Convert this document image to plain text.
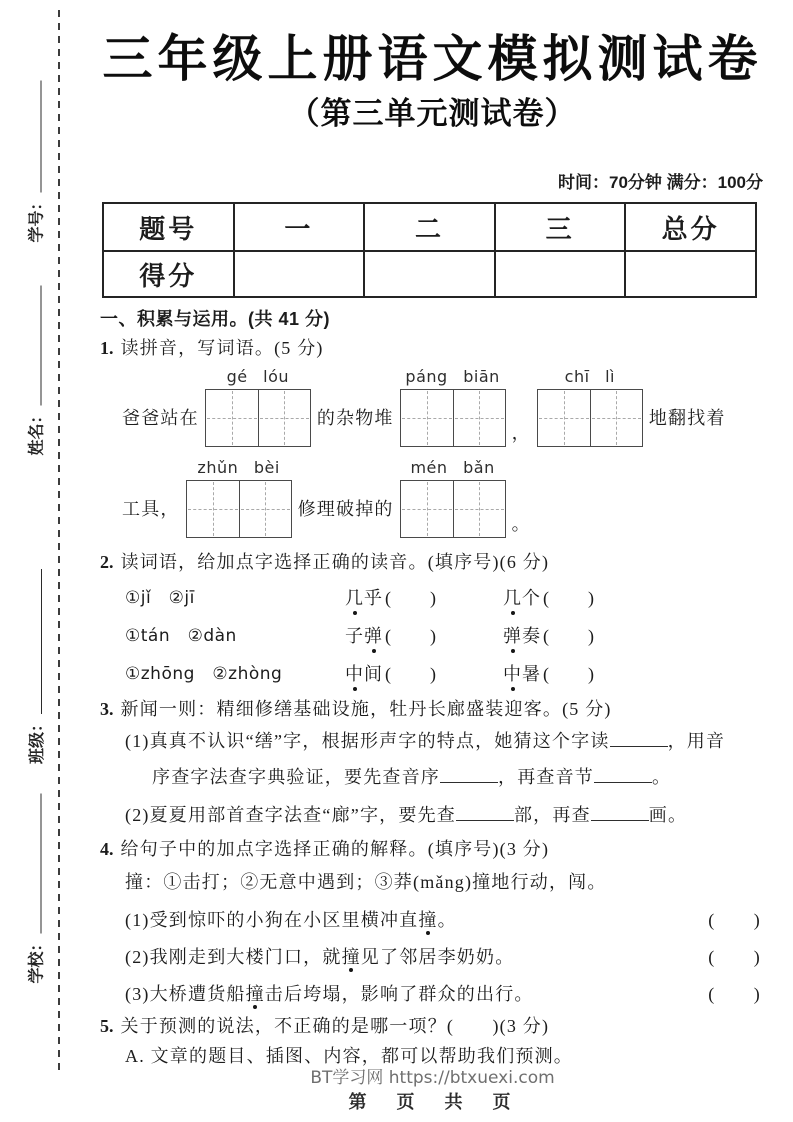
学号：
姓名：
班级：
学校：
三年级上册语文模拟测试卷
（第三单元测试卷）
时间：70分钟 满分：100分
题号	一	二	三	总分
得分				
一、积累与运用。(共 41 分)
1. 读拼音，写词语。(5 分)
爸爸站在
gé lóu
的杂物堆
páng biān
，
chī lì
地翻找着
工具，
zhǔn bèi
修理破掉的
mén bǎn
。
2. 读词语，给加点字选择正确的读音。(填序号)(6 分)
①jǐ　②jī	几乎 (　　)	几个 (　　)
①tán　②dàn	子弹 (　　)	弹奏 (　　)
①zhōng　②zhòng	中间 (　　)	中暑 (　　)
3. 新闻一则：精细修缮基础设施，牡丹长廊盛装迎客。(5 分)
(1)真真不认识“缮”字，根据形声字的特点，她猜这个字读	，用音
序查字法查字典验证，要先查音序	，再查音节	。
(2)夏夏用部首查字法查“廊”字，要先查	部，再查	画。
4. 给句子中的加点字选择正确的解释。(填序号)(3 分)
撞：①击打；②无意中遇到；③莽(mǎng)撞地行动，闯。
(1)受到惊吓的小狗在小区里横冲直撞。	(　　)
(2)我刚走到大楼门口，就撞见了邻居李奶奶。	(　　)
(3)大桥遭货船撞击后垮塌，影响了群众的出行。	(　　)
5. 关于预测的说法，不正确的是哪一项？(　　)(3 分)
A. 文章的题目、插图、内容，都可以帮助我们预测。
BT学习网 https://btxuexi.com
第　页　共　页
